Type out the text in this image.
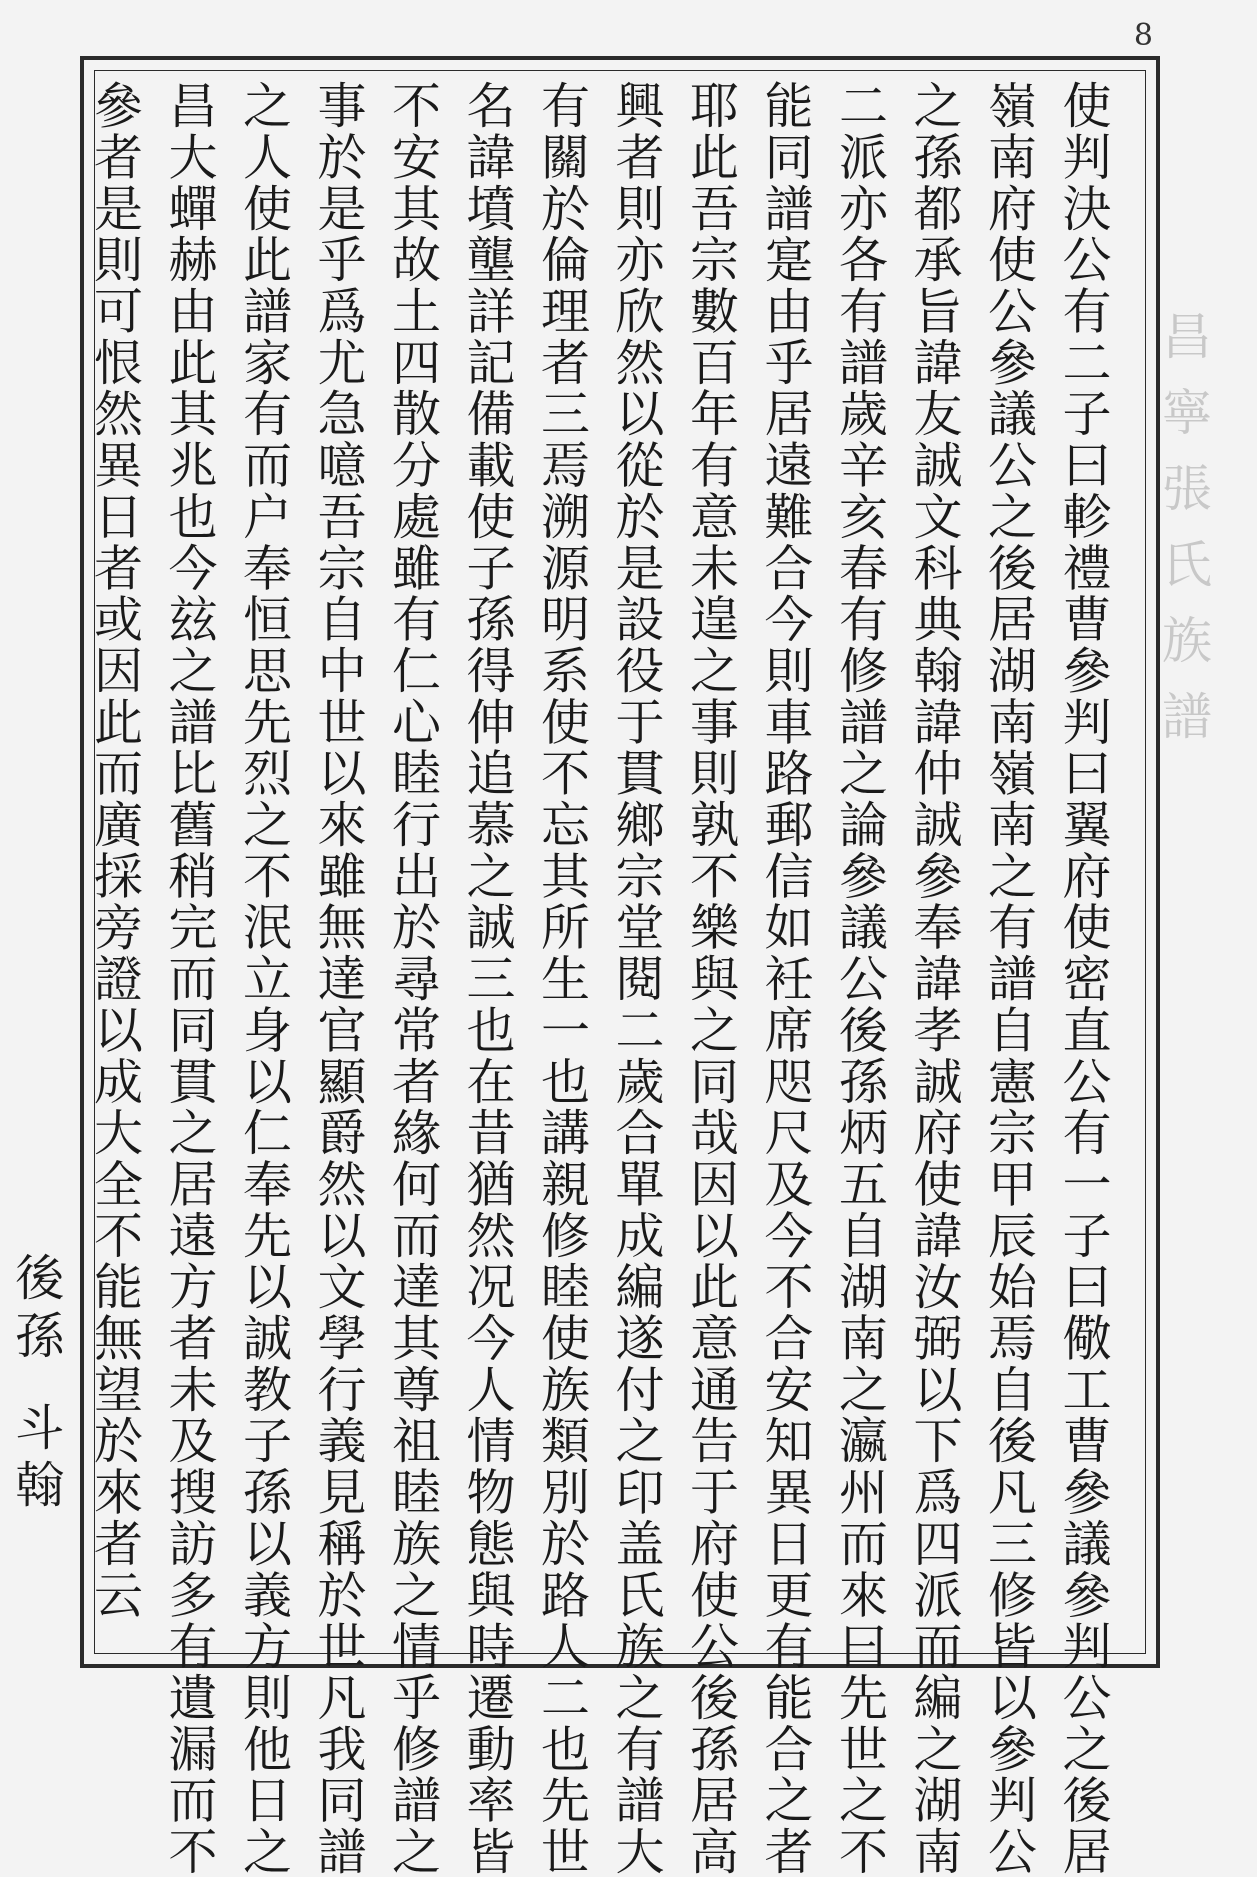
8
昌寧張氏族譜
使判決公有二子曰軫禮曹參判曰翼府使密直公有一子曰儆工曹參議參判公之後居
嶺南府使公參議公之後居湖南嶺南之有譜自憲宗甲辰始焉自後凡三修皆以參判公
之孫都承旨諱友誠文科典翰諱仲誠參奉諱孝誠府使諱汝弼以下爲四派而編之湖南
二派亦各有譜歲辛亥春有修譜之論參議公後孫炳五自湖南之瀛州而來曰先世之不
能同譜寔由乎居遠難合今則車路郵信如衽席咫尺及今不合安知異日更有能合之者
耶此吾宗數百年有意未遑之事則孰不樂與之同哉因以此意通告于府使公後孫居高
興者則亦欣然以從於是設役于貫鄉宗堂閱二歲合單成編遂付之印盖氏族之有譜大
有關於倫理者三焉溯源明系使不忘其所生一也講親修睦使族類別於路人二也先世
名諱墳壟詳記備載使子孫得伸追慕之誠三也在昔猶然况今人情物態與時遷動率皆
不安其故土四散分處雖有仁心睦行出於尋常者緣何而達其尊祖睦族之情乎修譜之
事於是乎爲尤急噫吾宗自中世以來雖無達官顯爵然以文學行義見稱於世凡我同譜
之人使此譜家有而户奉恒思先烈之不泯立身以仁奉先以誠教子孫以義方則他日之
昌大蟬赫由此其兆也今玆之譜比舊稍完而同貫之居遠方者未及搜訪多有遺漏而不
參者是則可恨然異日者或因此而廣採旁證以成大全不能無望於來者云
後
孫
斗
翰
